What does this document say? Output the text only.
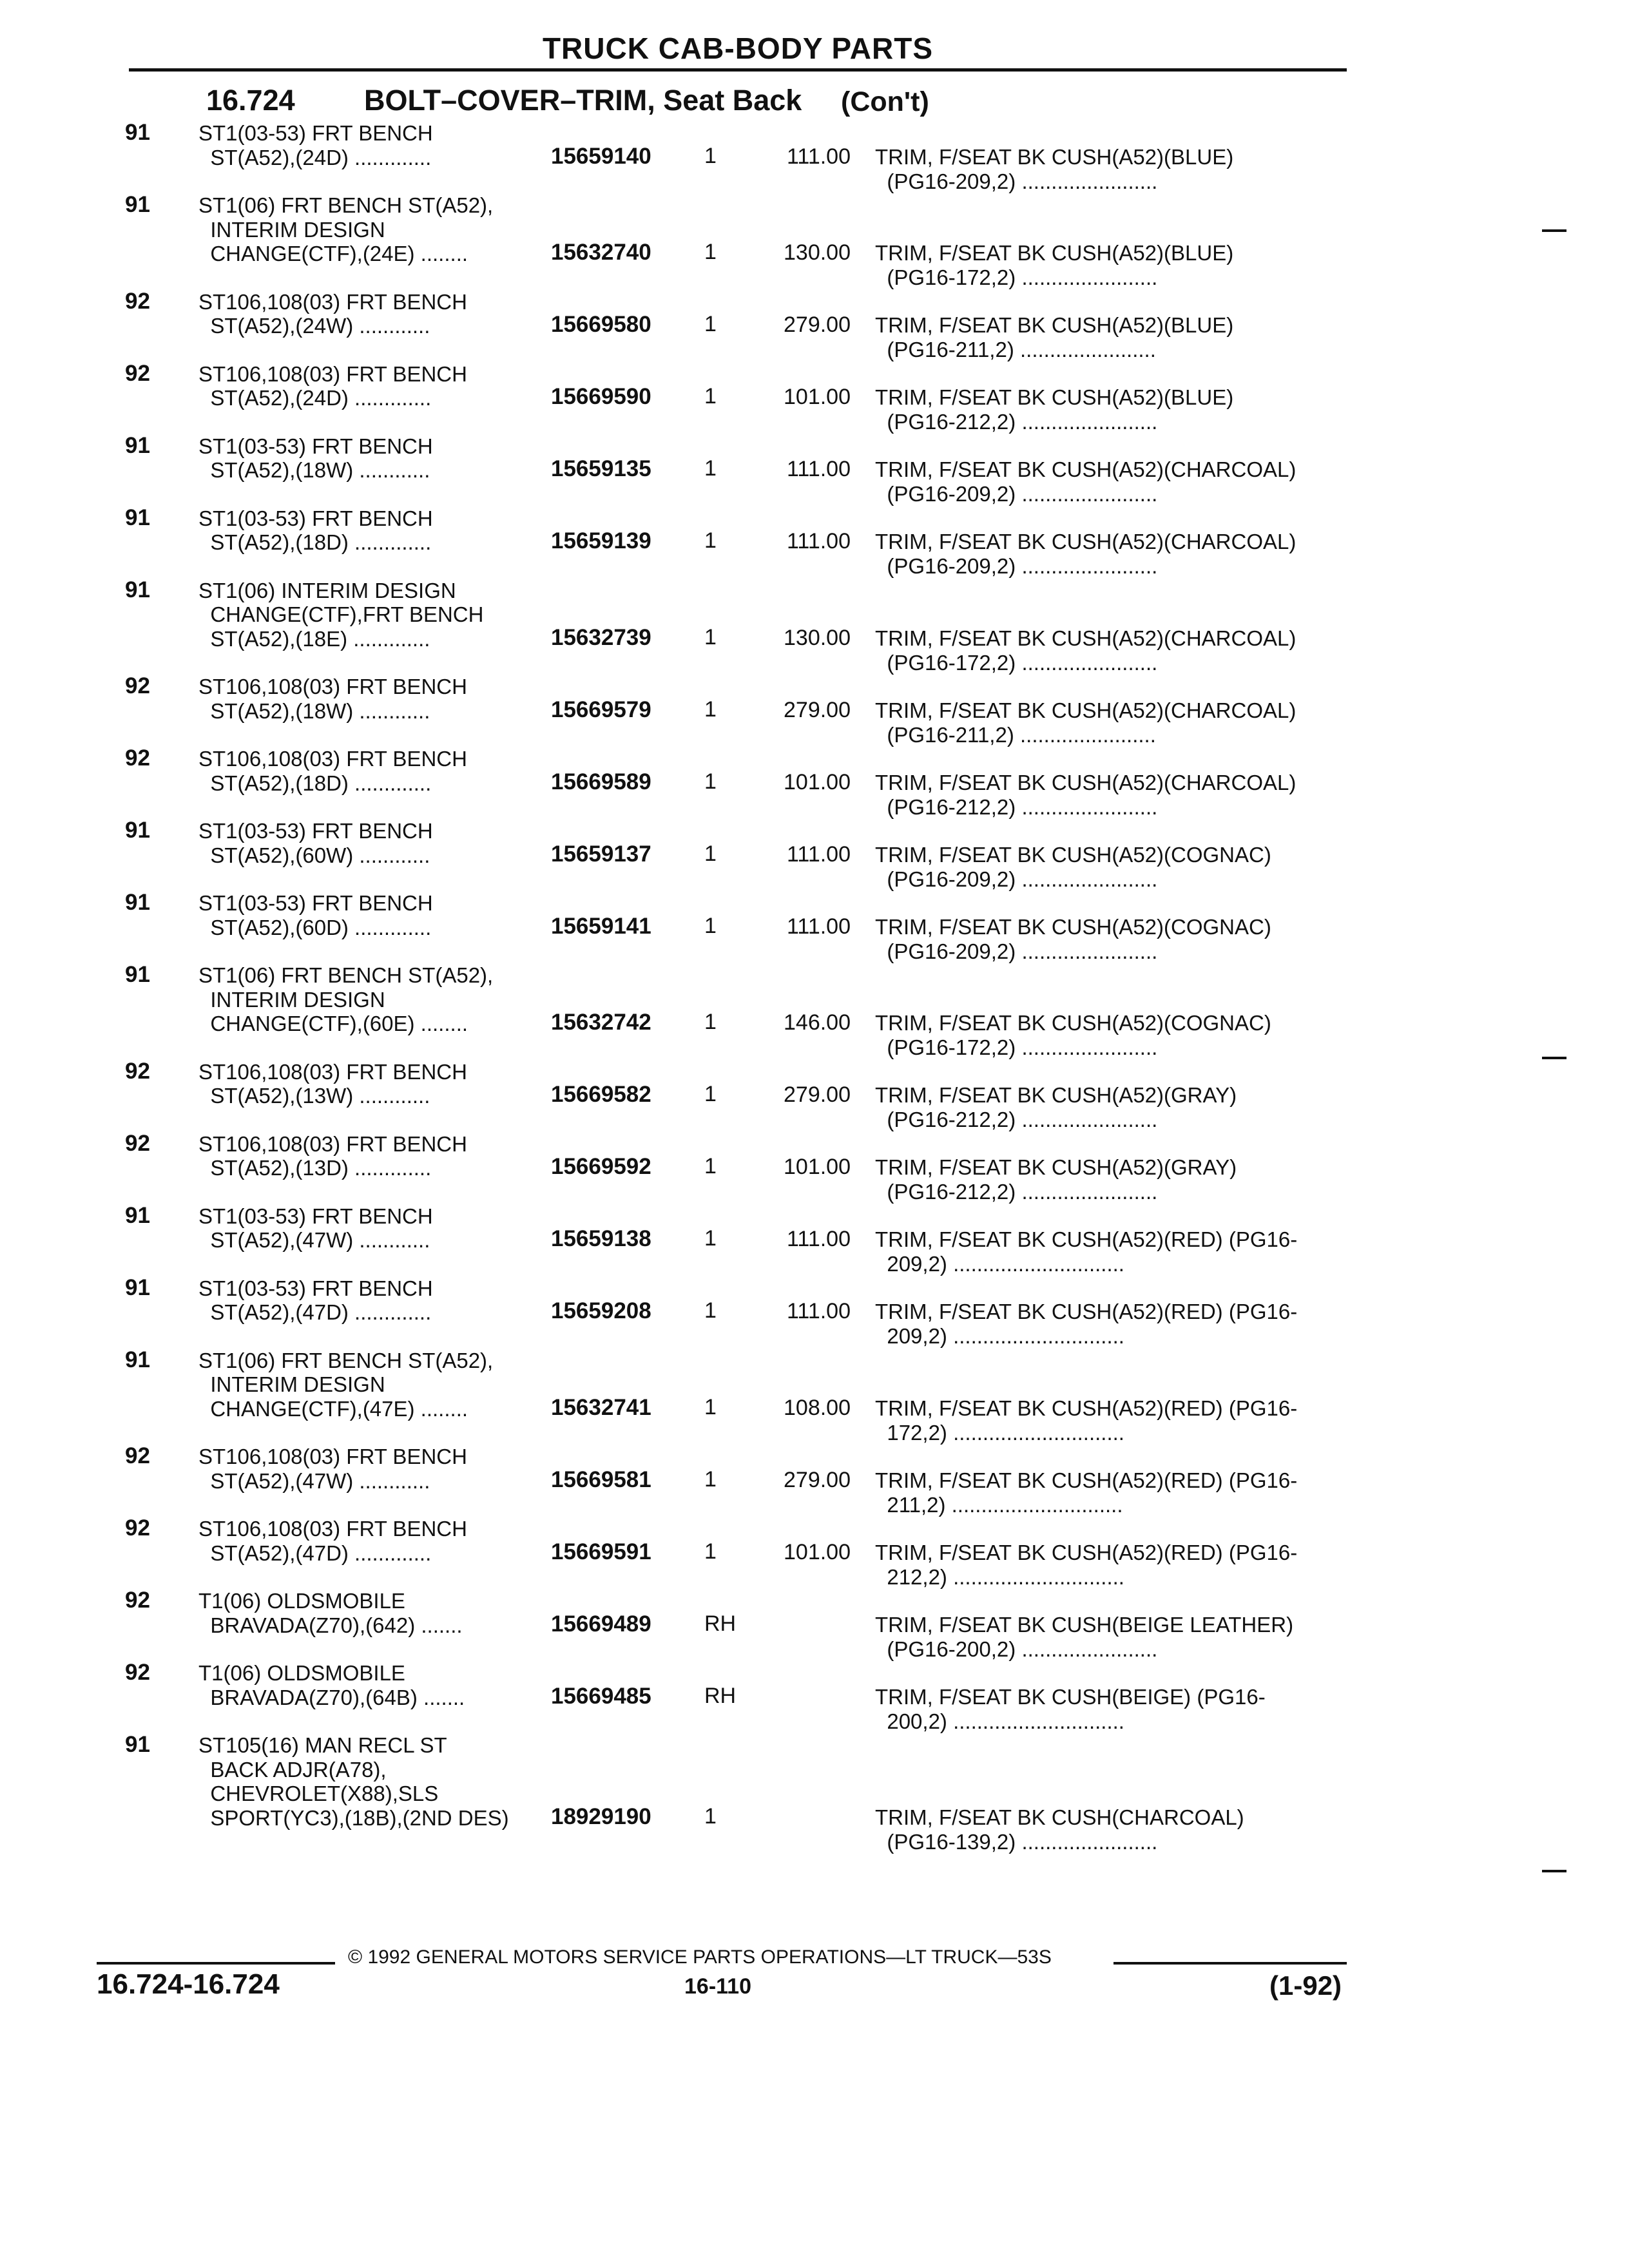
TRUCK CAB-BODY PARTS
16.724 BOLT–COVER–TRIM, Seat Back (Con't)
91 ST1(03-53) FRT BENCH
ST(A52),(24D) .............	15659140 1	111.00 TRIM, F/SEAT BK CUSH(A52)(BLUE)
(PG16-209,2) .......................
91 ST1(06) FRT BENCH ST(A52),
INTERIM DESIGN
CHANGE(CTF),(24E) ........	15632740 1	130.00 TRIM, F/SEAT BK CUSH(A52)(BLUE)
(PG16-172,2) .......................
92 ST106,108(03) FRT BENCH
ST(A52),(24W) ............	15669580 1	279.00 TRIM, F/SEAT BK CUSH(A52)(BLUE)
(PG16-211,2) .......................
92 ST106,108(03) FRT BENCH
ST(A52),(24D) .............	15669590 1	101.00 TRIM, F/SEAT BK CUSH(A52)(BLUE)
(PG16-212,2) .......................
91 ST1(03-53) FRT BENCH
ST(A52),(18W) ............	15659135 1	111.00 TRIM, F/SEAT BK CUSH(A52)(CHARCOAL)
(PG16-209,2) .......................
91 ST1(03-53) FRT BENCH
ST(A52),(18D) .............	15659139 1	111.00 TRIM, F/SEAT BK CUSH(A52)(CHARCOAL)
(PG16-209,2) .......................
91 ST1(06) INTERIM DESIGN
CHANGE(CTF),FRT BENCH
ST(A52),(18E) .............	15632739 1	130.00 TRIM, F/SEAT BK CUSH(A52)(CHARCOAL)
(PG16-172,2) .......................
92 ST106,108(03) FRT BENCH
ST(A52),(18W) ............	15669579 1	279.00 TRIM, F/SEAT BK CUSH(A52)(CHARCOAL)
(PG16-211,2) .......................
92 ST106,108(03) FRT BENCH
ST(A52),(18D) .............	15669589 1	101.00 TRIM, F/SEAT BK CUSH(A52)(CHARCOAL)
(PG16-212,2) .......................
91 ST1(03-53) FRT BENCH
ST(A52),(60W) ............	15659137 1	111.00 TRIM, F/SEAT BK CUSH(A52)(COGNAC)
(PG16-209,2) .......................
91 ST1(03-53) FRT BENCH
ST(A52),(60D) .............	15659141 1	111.00 TRIM, F/SEAT BK CUSH(A52)(COGNAC)
(PG16-209,2) .......................
91 ST1(06) FRT BENCH ST(A52),
INTERIM DESIGN
CHANGE(CTF),(60E) ........	15632742 1	146.00 TRIM, F/SEAT BK CUSH(A52)(COGNAC)
(PG16-172,2) .......................
92 ST106,108(03) FRT BENCH
ST(A52),(13W) ............	15669582 1	279.00 TRIM, F/SEAT BK CUSH(A52)(GRAY)
(PG16-212,2) .......................
92 ST106,108(03) FRT BENCH
ST(A52),(13D) .............	15669592 1	101.00 TRIM, F/SEAT BK CUSH(A52)(GRAY)
(PG16-212,2) .......................
91 ST1(03-53) FRT BENCH
ST(A52),(47W) ............	15659138 1	111.00 TRIM, F/SEAT BK CUSH(A52)(RED) (PG16-
209,2) .............................
91 ST1(03-53) FRT BENCH
ST(A52),(47D) .............	15659208 1	111.00 TRIM, F/SEAT BK CUSH(A52)(RED) (PG16-
209,2) .............................
91 ST1(06) FRT BENCH ST(A52),
INTERIM DESIGN
CHANGE(CTF),(47E) ........	15632741 1	108.00 TRIM, F/SEAT BK CUSH(A52)(RED) (PG16-
172,2) .............................
92 ST106,108(03) FRT BENCH
ST(A52),(47W) ............	15669581 1	279.00 TRIM, F/SEAT BK CUSH(A52)(RED) (PG16-
211,2) .............................
92 ST106,108(03) FRT BENCH
ST(A52),(47D) .............	15669591 1	101.00 TRIM, F/SEAT BK CUSH(A52)(RED) (PG16-
212,2) .............................
92 T1(06) OLDSMOBILE
BRAVADA(Z70),(642) .......	15669489 RH	TRIM, F/SEAT BK CUSH(BEIGE LEATHER)
(PG16-200,2) .......................
92 T1(06) OLDSMOBILE
BRAVADA(Z70),(64B) .......	15669485 RH	TRIM, F/SEAT BK CUSH(BEIGE) (PG16-
200,2) .............................
91 ST105(16) MAN RECL ST
BACK ADJR(A78),
CHEVROLET(X88),SLS
SPORT(YC3),(18B),(2ND DES) 18929190 1	TRIM, F/SEAT BK CUSH(CHARCOAL)
(PG16-139,2) .......................
© 1992 GENERAL MOTORS SERVICE PARTS OPERATIONS—LT TRUCK—53S
16.724-16.724	16-110	(1-92)
